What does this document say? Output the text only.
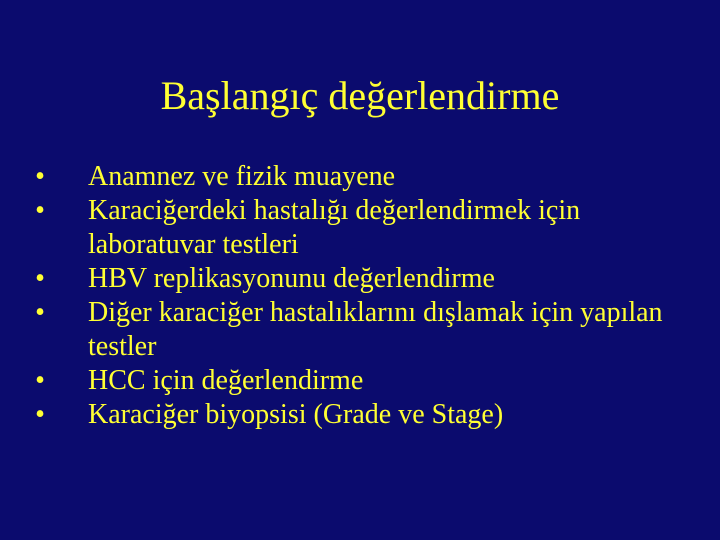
Başlangıç değerlendirme
• Anamnez ve fizik muayene
• Karaciğerdeki hastalığı değerlendirmek için laboratuvar testleri
• HBV replikasyonunu değerlendirme
• Diğer karaciğer hastalıklarını dışlamak için yapılan testler
• HCC için değerlendirme
• Karaciğer biyopsisi (Grade ve Stage)
